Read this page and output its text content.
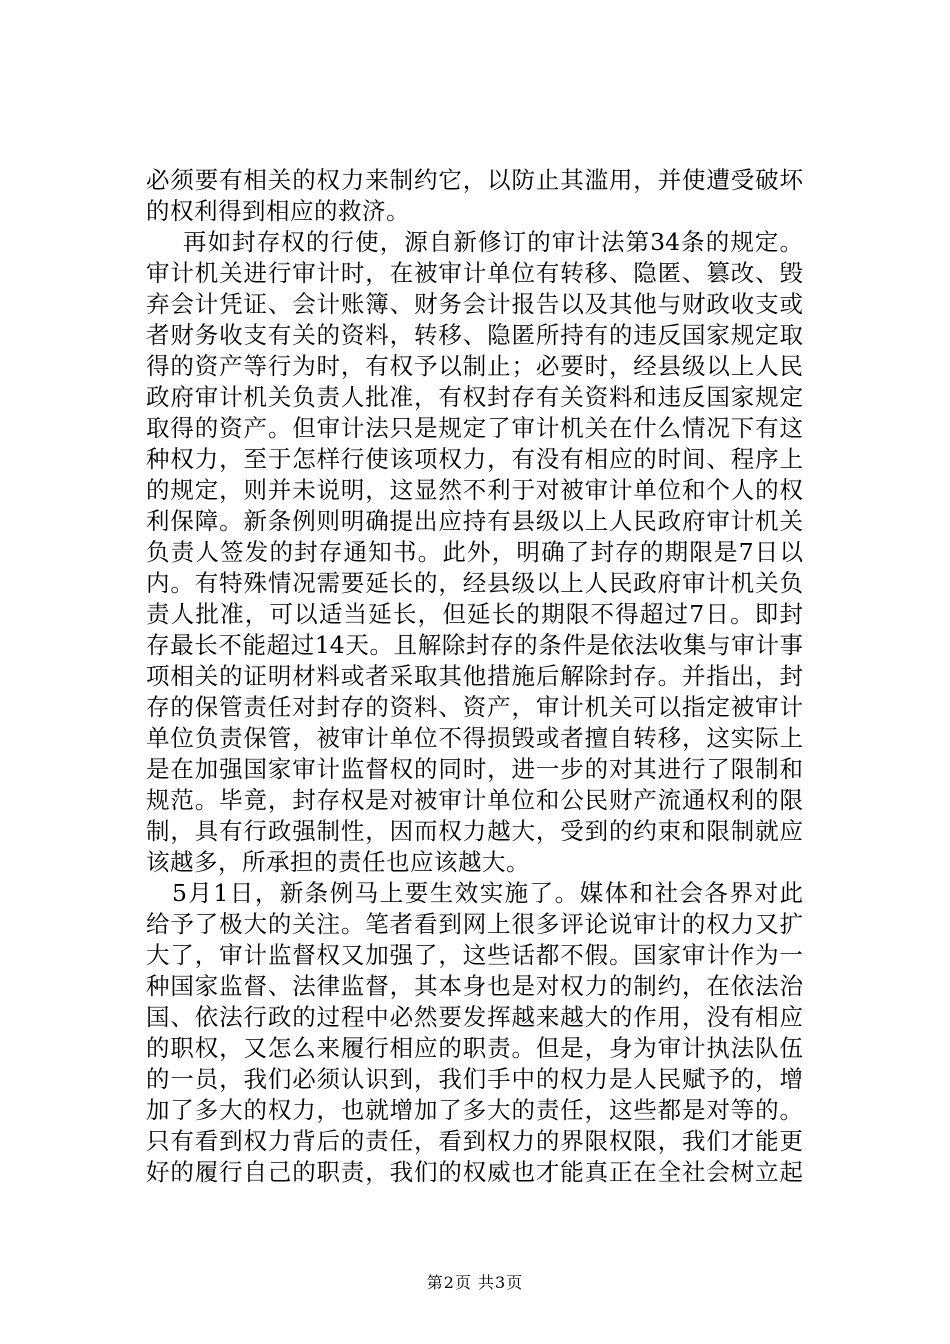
必须要有相关的权力来制约它，以防止其滥用，并使遭受破坏
的权利得到相应的救济。
再如封存权的行使，源自新修订的审计法第34条的规定。
审计机关进行审计时，在被审计单位有转移、隐匿、篡改、毁
弃会计凭证、会计账簿、财务会计报告以及其他与财政收支或
者财务收支有关的资料，转移、隐匿所持有的违反国家规定取
得的资产等行为时，有权予以制止；必要时，经县级以上人民
政府审计机关负责人批准，有权封存有关资料和违反国家规定
取得的资产。但审计法只是规定了审计机关在什么情况下有这
种权力，至于怎样行使该项权力，有没有相应的时间、程序上
的规定，则并未说明，这显然不利于对被审计单位和个人的权
利保障。新条例则明确提出应持有县级以上人民政府审计机关
负责人签发的封存通知书。此外，明确了封存的期限是7日以
内。有特殊情况需要延长的，经县级以上人民政府审计机关负
责人批准，可以适当延长，但延长的期限不得超过7日。即封
存最长不能超过14天。且解除封存的条件是依法收集与审计事
项相关的证明材料或者采取其他措施后解除封存。并指出，封
存的保管责任对封存的资料、资产，审计机关可以指定被审计
单位负责保管，被审计单位不得损毁或者擅自转移，这实际上
是在加强国家审计监督权的同时，进一步的对其进行了限制和
规范。毕竟，封存权是对被审计单位和公民财产流通权利的限
制，具有行政强制性，因而权力越大，受到的约束和限制就应
该越多，所承担的责任也应该越大。
5月1日，新条例马上要生效实施了。媒体和社会各界对此
给予了极大的关注。笔者看到网上很多评论说审计的权力又扩
大了，审计监督权又加强了，这些话都不假。国家审计作为一
种国家监督、法律监督，其本身也是对权力的制约，在依法治
国、依法行政的过程中必然要发挥越来越大的作用，没有相应
的职权，又怎么来履行相应的职责。但是，身为审计执法队伍
的一员，我们必须认识到，我们手中的权力是人民赋予的，增
加了多大的权力，也就增加了多大的责任，这些都是对等的。
只有看到权力背后的责任，看到权力的界限权限，我们才能更
好的履行自己的职责，我们的权威也才能真正在全社会树立起
第2页 共3页
